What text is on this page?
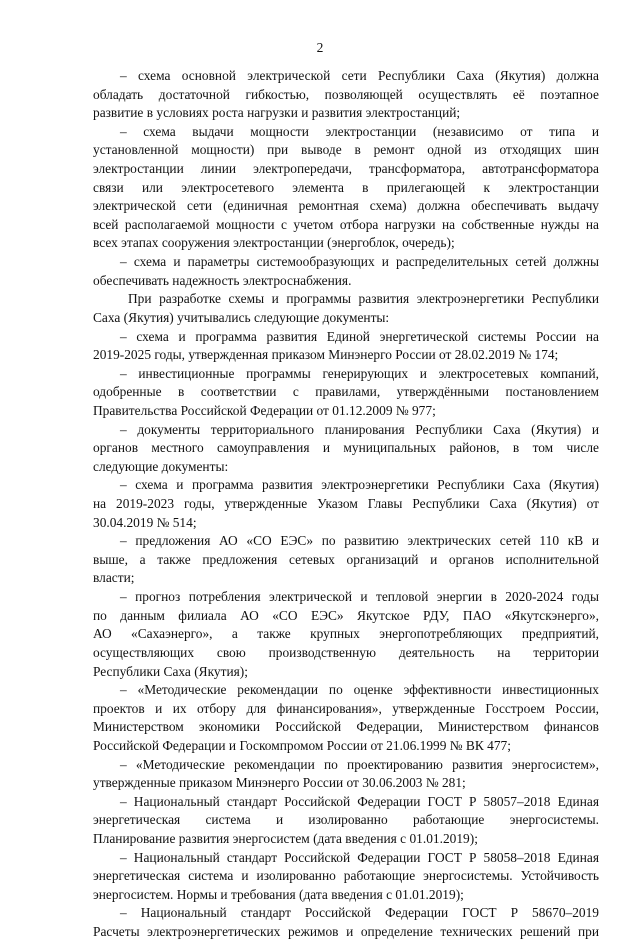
2
– схема основной электрической сети Республики Саха (Якутия) должна
обладать достаточной гибкостью, позволяющей осуществлять её поэтапное
развитие в условиях роста нагрузки и развития электростанций;
– схема выдачи мощности электростанции (независимо от типа и
установленной мощности) при выводе в ремонт одной из отходящих шин
электростанции линии электропередачи, трансформатора, автотрансформатора
связи или электросетевого элемента в прилегающей к электростанции
электрической сети (единичная ремонтная схема) должна обеспечивать выдачу
всей располагаемой мощности с учетом отбора нагрузки на собственные нужды на
всех этапах сооружения электростанции (энергоблок, очередь);
– схема и параметры системообразующих и распределительных сетей должны
обеспечивать надежность электроснабжения.
При разработке схемы и программы развития электроэнергетики Республики
Саха (Якутия) учитывались следующие документы:
– схема и программа развития Единой энергетической системы России на
2019-2025 годы, утвержденная приказом Минэнерго России от 28.02.2019 № 174;
– инвестиционные программы генерирующих и электросетевых компаний,
одобренные в соответствии с правилами, утверждёнными постановлением
Правительства Российской Федерации от 01.12.2009 № 977;
– документы территориального планирования Республики Саха (Якутия) и
органов местного самоуправления и муниципальных районов, в том числе
следующие документы:
– схема и программа развития электроэнергетики Республики Саха (Якутия)
на 2019-2023 годы, утвержденные Указом Главы Республики Саха (Якутия) от
30.04.2019 № 514;
– предложения АО «СО ЕЭС» по развитию электрических сетей 110 кВ и
выше, а также предложения сетевых организаций и органов исполнительной
власти;
– прогноз потребления электрической и тепловой энергии в 2020-2024 годы
по данным филиала АО «СО ЕЭС» Якутское РДУ, ПАО «Якутскэнерго»,
АО «Сахаэнерго», а также крупных энергопотребляющих предприятий,
осуществляющих свою производственную деятельность на территории
Республики Саха (Якутия);
– «Методические рекомендации по оценке эффективности инвестиционных
проектов и их отбору для финансирования», утвержденные Госстроем России,
Министерством экономики Российской Федерации, Министерством финансов
Российской Федерации и Госкомпромом России от 21.06.1999 № ВК 477;
– «Методические рекомендации по проектированию развития энергосистем»,
утвержденные приказом Минэнерго России от 30.06.2003 № 281;
– Национальный стандарт Российской Федерации ГОСТ Р 58057–2018 Единая
энергетическая система и изолированно работающие энергосистемы.
Планирование развития энергосистем (дата введения с 01.01.2019);
– Национальный стандарт Российской Федерации ГОСТ Р 58058–2018 Единая
энергетическая система и изолированно работающие энергосистемы. Устойчивость
энергосистем. Нормы и требования (дата введения с 01.01.2019);
– Национальный стандарт Российской Федерации ГОСТ Р 58670–2019
Расчеты электроэнергетических режимов и определение технических решений при
